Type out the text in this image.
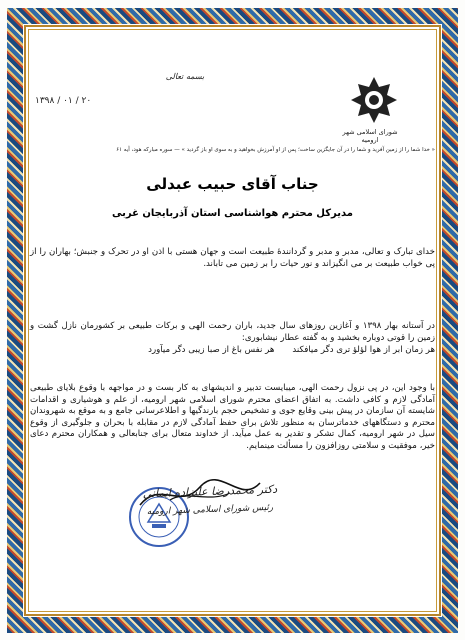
شورای اسلامی شهر ارومیه
بسمه تعالی
۱۳۹۸ / ۰۱ / ۲۰
« خدا شما را از زمین آفرید و شما را در آن جایگزین ساخت؛ پس از او آمرزش بخواهید و به سوی او باز گردید » — سوره مبارکه هود، آیه ۶۱
جناب آقای حبیب عبدلی
مدیرکل محترم هواشناسی استان آذربایجان غربی
خدای تبارک و تعالی، مدبر و مدبر و گردانندهٔ طبیعت است و جهان هستی با اذن او در تحرک و جنبش؛ بهاران را از پی خواب طبیعت بر می انگیزاند و نور حیات را بر زمین می تاباند.
در آستانه بهار ۱۳۹۸ و آغازین روزهای سال جدید، باران رحمت الهی و برکات طبیعی بر کشورمان نازل گشت و زمین را قوتی دوباره بخشید و به گفته عطار نیشابوری:
هر زمان ابر از هوا لؤلؤ تری دگر میافکند
هر نفس باغ از صبا زیبی دگر میآورد
با وجود این، در پی نزول رحمت الهی، میبایست تدبیر و اندیشهای به کار بست و در مواجهه با وقوع بلایای طبیعی آمادگی لازم و کافی داشت. به اتفاق اعضای محترم شورای اسلامی شهر ارومیه، از علم و هوشیاری و اقدامات شایسته آن سازمان در پیش بینی وقایع جوی و تشخیص حجم بارندگیها و اطلاعرسانی جامع و به موقع به شهروندان محترم و دستگاههای خدماترسان به منظور تلاش برای حفظ آمادگی لازم در مقابله با بحران و جلوگیری از وقوع سیل در شهر ارومیه، کمال تشکر و تقدیر به عمل میآید. از خداوند متعال برای جنابعالی و همکاران محترم دعای خیر، موفقیت و سلامتی روزافزون را مسألت مینمایم.
دکتر محمدرضا علیزاده ایمانی
رئیس شورای اسلامی شهر ارومیه
